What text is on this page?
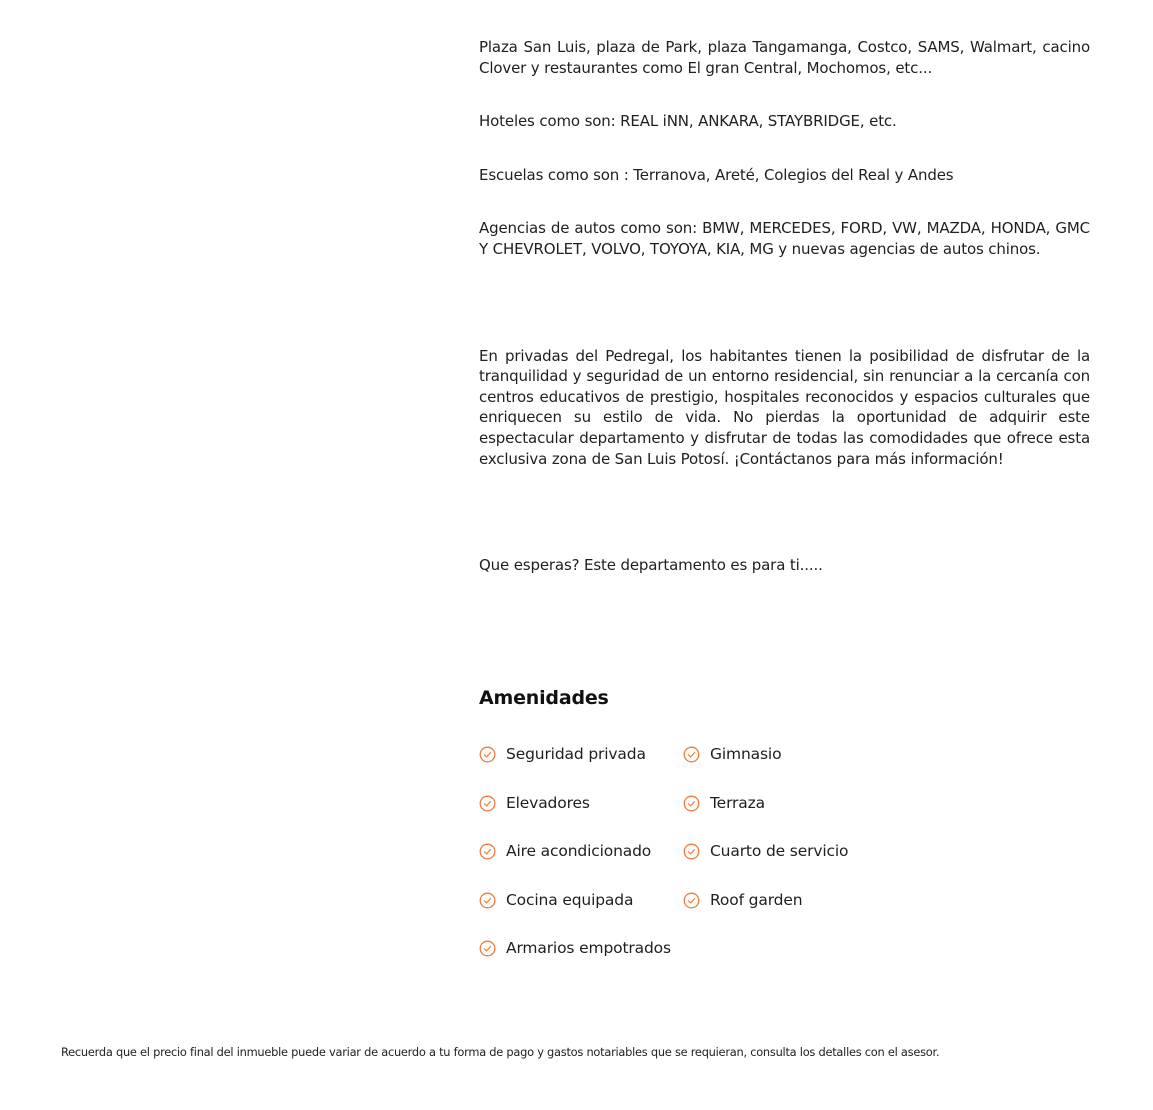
Plaza San Luis, plaza de Park, plaza Tangamanga, Costco, SAMS, Walmart, cacino Clover y restaurantes como El gran Central, Mochomos, etc...

Hoteles como son: REAL iNN, ANKARA, STAYBRIDGE, etc.

Escuelas como son : Terranova, Areté, Colegios del Real y Andes

Agencias de autos como son: BMW, MERCEDES, FORD, VW, MAZDA, HONDA, GMC Y CHEVROLET, VOLVO, TOYOYA, KIA, MG y nuevas agencias de autos chinos.

En privadas del Pedregal, los habitantes tienen la posibilidad de disfrutar de la tranquilidad y seguridad de un entorno residencial, sin renunciar a la cercanía con centros educativos de prestigio, hospitales reconocidos y espacios culturales que enriquecen su estilo de vida. No pierdas la oportunidad de adquirir este espectacular departamento y disfrutar de todas las comodidades que ofrece esta exclusiva zona de San Luis Potosí. ¡Contáctanos para más información!

Que esperas? Este departamento es para ti.....

Amenidades
Seguridad privada	Gimnasio
Elevadores	Terraza
Aire acondicionado	Cuarto de servicio
Cocina equipada	Roof garden
Armarios empotrados

Recuerda que el precio final del inmueble puede variar de acuerdo a tu forma de pago y gastos notariables que se requieran, consulta los detalles con el asesor.
